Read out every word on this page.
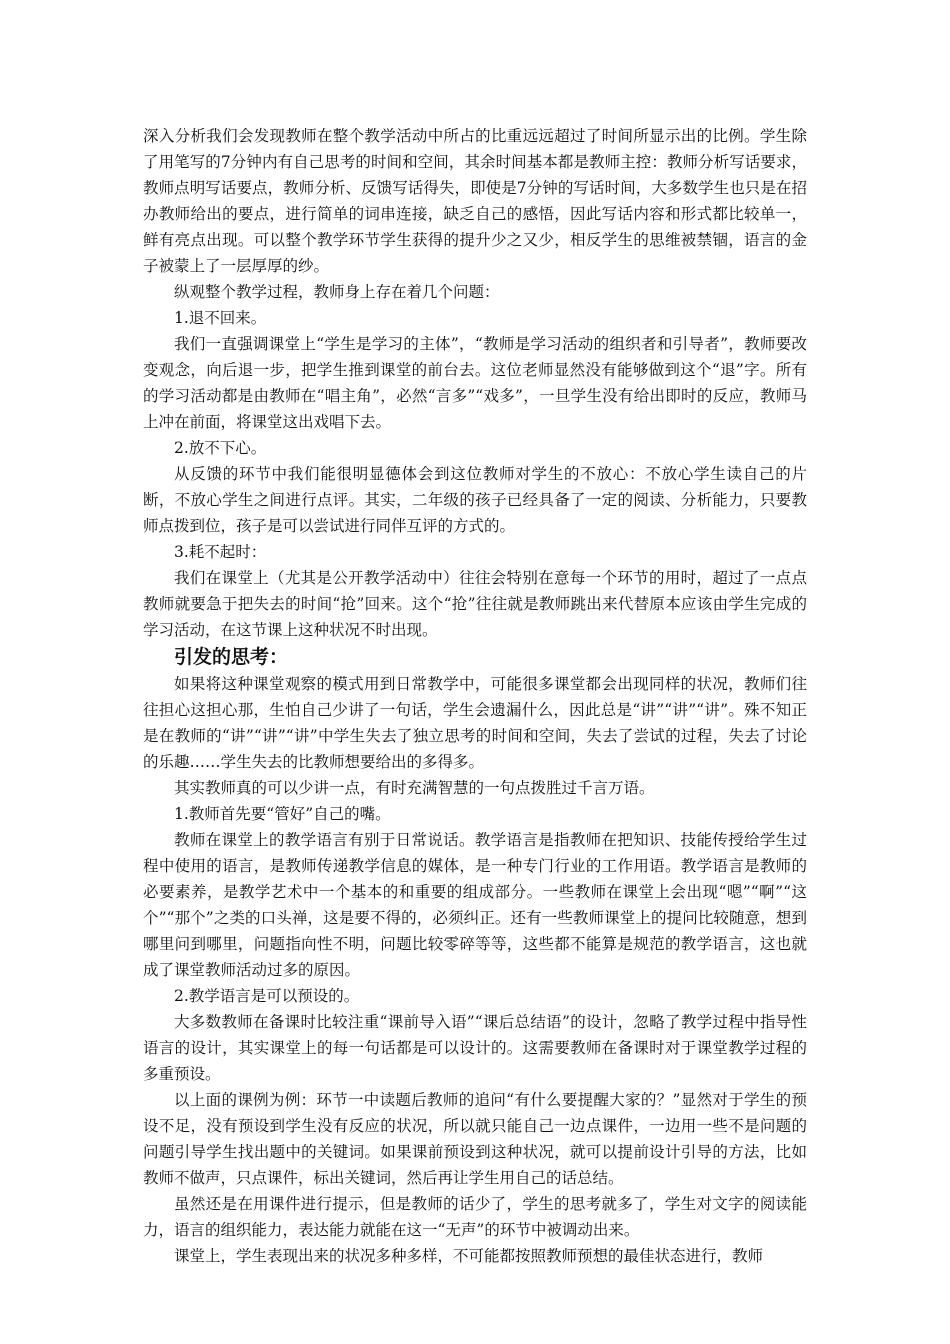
深入分析我们会发现教师在整个教学活动中所占的比重远远超过了时间所显示出的比例。学生除了用笔写的7分钟内有自己思考的时间和空间，其余时间基本都是教师主控：教师分析写话要求，教师点明写话要点，教师分析、反馈写话得失，即使是7分钟的写话时间，大多数学生也只是在招办教师给出的要点，进行简单的词串连接，缺乏自己的感悟，因此写话内容和形式都比较单一，鲜有亮点出现。可以整个教学环节学生获得的提升少之又少，相反学生的思维被禁锢，语言的金子被蒙上了一层厚厚的纱。

纵观整个教学过程，教师身上存在着几个问题：

1.退不回来。

我们一直强调课堂上“学生是学习的主体”，“教师是学习活动的组织者和引导者”，教师要改变观念，向后退一步，把学生推到课堂的前台去。这位老师显然没有能够做到这个“退”字。所有的学习活动都是由教师在“唱主角”，必然“言多”“戏多”，一旦学生没有给出即时的反应，教师马上冲在前面，将课堂这出戏唱下去。

2.放不下心。

从反馈的环节中我们能很明显德体会到这位教师对学生的不放心：不放心学生读自己的片断，不放心学生之间进行点评。其实，二年级的孩子已经具备了一定的阅读、分析能力，只要教师点拨到位，孩子是可以尝试进行同伴互评的方式的。

3.耗不起时：

我们在课堂上（尤其是公开教学活动中）往往会特别在意每一个环节的用时，超过了一点点教师就要急于把失去的时间“抢”回来。这个“抢”往往就是教师跳出来代替原本应该由学生完成的学习活动，在这节课上这种状况不时出现。

引发的思考：

如果将这种课堂观察的模式用到日常教学中，可能很多课堂都会出现同样的状况，教师们往往担心这担心那，生怕自己少讲了一句话，学生会遗漏什么，因此总是“讲”“讲”“讲”。殊不知正是在教师的“讲”“讲”“讲”中学生失去了独立思考的时间和空间，失去了尝试的过程，失去了讨论的乐趣……学生失去的比教师想要给出的多得多。

其实教师真的可以少讲一点，有时充满智慧的一句点拨胜过千言万语。

1.教师首先要“管好”自己的嘴。

教师在课堂上的教学语言有别于日常说话。教学语言是指教师在把知识、技能传授给学生过程中使用的语言，是教师传递教学信息的媒体，是一种专门行业的工作用语。教学语言是教师的必要素养，是教学艺术中一个基本的和重要的组成部分。一些教师在课堂上会出现“嗯”“啊”“这个”“那个”之类的口头禅，这是要不得的，必须纠正。还有一些教师课堂上的提问比较随意，想到哪里问到哪里，问题指向性不明，问题比较零碎等等，这些都不能算是规范的教学语言，这也就成了课堂教师活动过多的原因。

2.教学语言是可以预设的。

大多数教师在备课时比较注重“课前导入语”“课后总结语”的设计，忽略了教学过程中指导性语言的设计，其实课堂上的每一句话都是可以设计的。这需要教师在备课时对于课堂教学过程的多重预设。

以上面的课例为例：环节一中读题后教师的追问“有什么要提醒大家的？”显然对于学生的预设不足，没有预设到学生没有反应的状况，所以就只能自己一边点课件，一边用一些不是问题的问题引导学生找出题中的关键词。如果课前预设到这种状况，就可以提前设计引导的方法，比如教师不做声，只点课件，标出关键词，然后再让学生用自己的话总结。

虽然还是在用课件进行提示，但是教师的话少了，学生的思考就多了，学生对文字的阅读能力，语言的组织能力，表达能力就能在这一“无声”的环节中被调动出来。

课堂上，学生表现出来的状况多种多样，不可能都按照教师预想的最佳状态进行，教师
